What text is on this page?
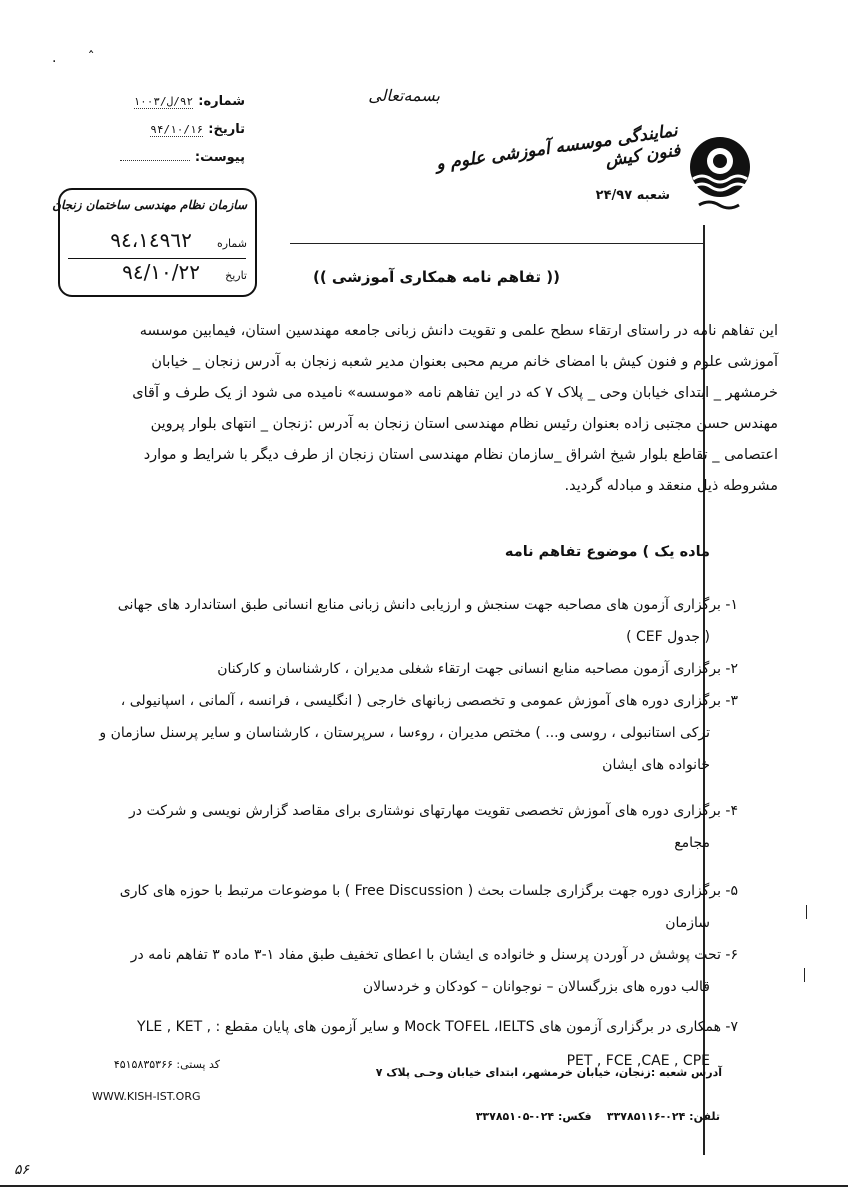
.       ˆ
شماره: ۹۲/ل/۱۰۰۳
تاریخ: ۹۴/۱۰/۱۶
پیوست:
بسمه‌تعالی
نمایندگی موسسه آموزشی علوم و فنون کیش
شعبه ۲۴/۹۷
سازمان نظام مهندسی ساختمان زنجان
شماره ۹٤،١٤٩٦٢
تاریخ ٩٤/١٠/٢٢	(( تفاهم نامه همکاری آموزشی ))
این تفاهم نامه در راستای ارتقاء سطح علمی و تقویت دانش زبانی جامعه مهندسین استان، فیمابین موسسه
آموزشی علوم و فنون کیش با امضای خانم مریم محبی بعنوان مدیر شعبه زنجان به آدرس زنجان _ خیابان
خرمشهر _ ابتدای خیابان وحی _ پلاک ۷ که در این تفاهم نامه «موسسه» نامیده می شود از یک طرف و آقای
مهندس حسن مجتبی زاده بعنوان رئیس نظام مهندسی استان زنجان به آدرس :زنجان _ انتهای بلوار پروین
اعتصامی _ تقاطع بلوار شیخ اشراق _سازمان نظام مهندسی استان زنجان از طرف دیگر با شرایط و موارد
مشروطه ذیل منعقد و مبادله گردید.
ماده یک ) موضوع تفاهم نامه
۱- برگزاری آزمون های مصاحبه جهت سنجش و ارزیابی دانش زبانی منابع انسانی طبق استاندارد های جهانی
( جدول CEF )
۲- برگزاری آزمون مصاحبه منابع انسانی جهت ارتقاء شغلی مدیران ، کارشناسان و کارکنان
۳- برگزاری دوره های آموزش عمومی و تخصصی زبانهای خارجی ( انگلیسی ، فرانسه ، آلمانی ، اسپانیولی ،
ترکی استانبولی ، روسی و... ) مختص مدیران ، روءسا ، سرپرستان ، کارشناسان و سایر پرسنل سازمان و
خانواده های ایشان
۴- برگزاری دوره های آموزش تخصصی تقویت مهارتهای نوشتاری برای مقاصد گزارش نویسی و شرکت در
مجامع
۵- برگزاری دوره جهت برگزاری جلسات بحث ( Free Discussion ) با موضوعات مرتبط با حوزه های کاری
سازمان
۶- تحت پوشش در آوردن پرسنل و خانواده ی ایشان با اعطای تخفیف طبق مفاد ۱-۳ ماده ۳ تفاهم نامه در
قالب دوره های بزرگسالان – نوجوانان – کودکان و خردسالان
۷- همکاری در برگزاری آزمون های Mock TOFEL ،IELTS و سایر آزمون های پایان مقطع : , YLE , KET
PET , FCE ,CAE , CPE
کد پستی: ۴۵۱۵۸۳۵۳۶۶
WWW.KISH-IST.ORG
آدرس شعبه :زنجان، خیابان خرمشهر، ابتدای خیابان وحـی پلاک ۷
تلفن: ۰۲۴-۳۳۷۸۵۱۱۶    فکس: ۰۲۴-۳۳۷۸۵۱۰۵
۵۶
